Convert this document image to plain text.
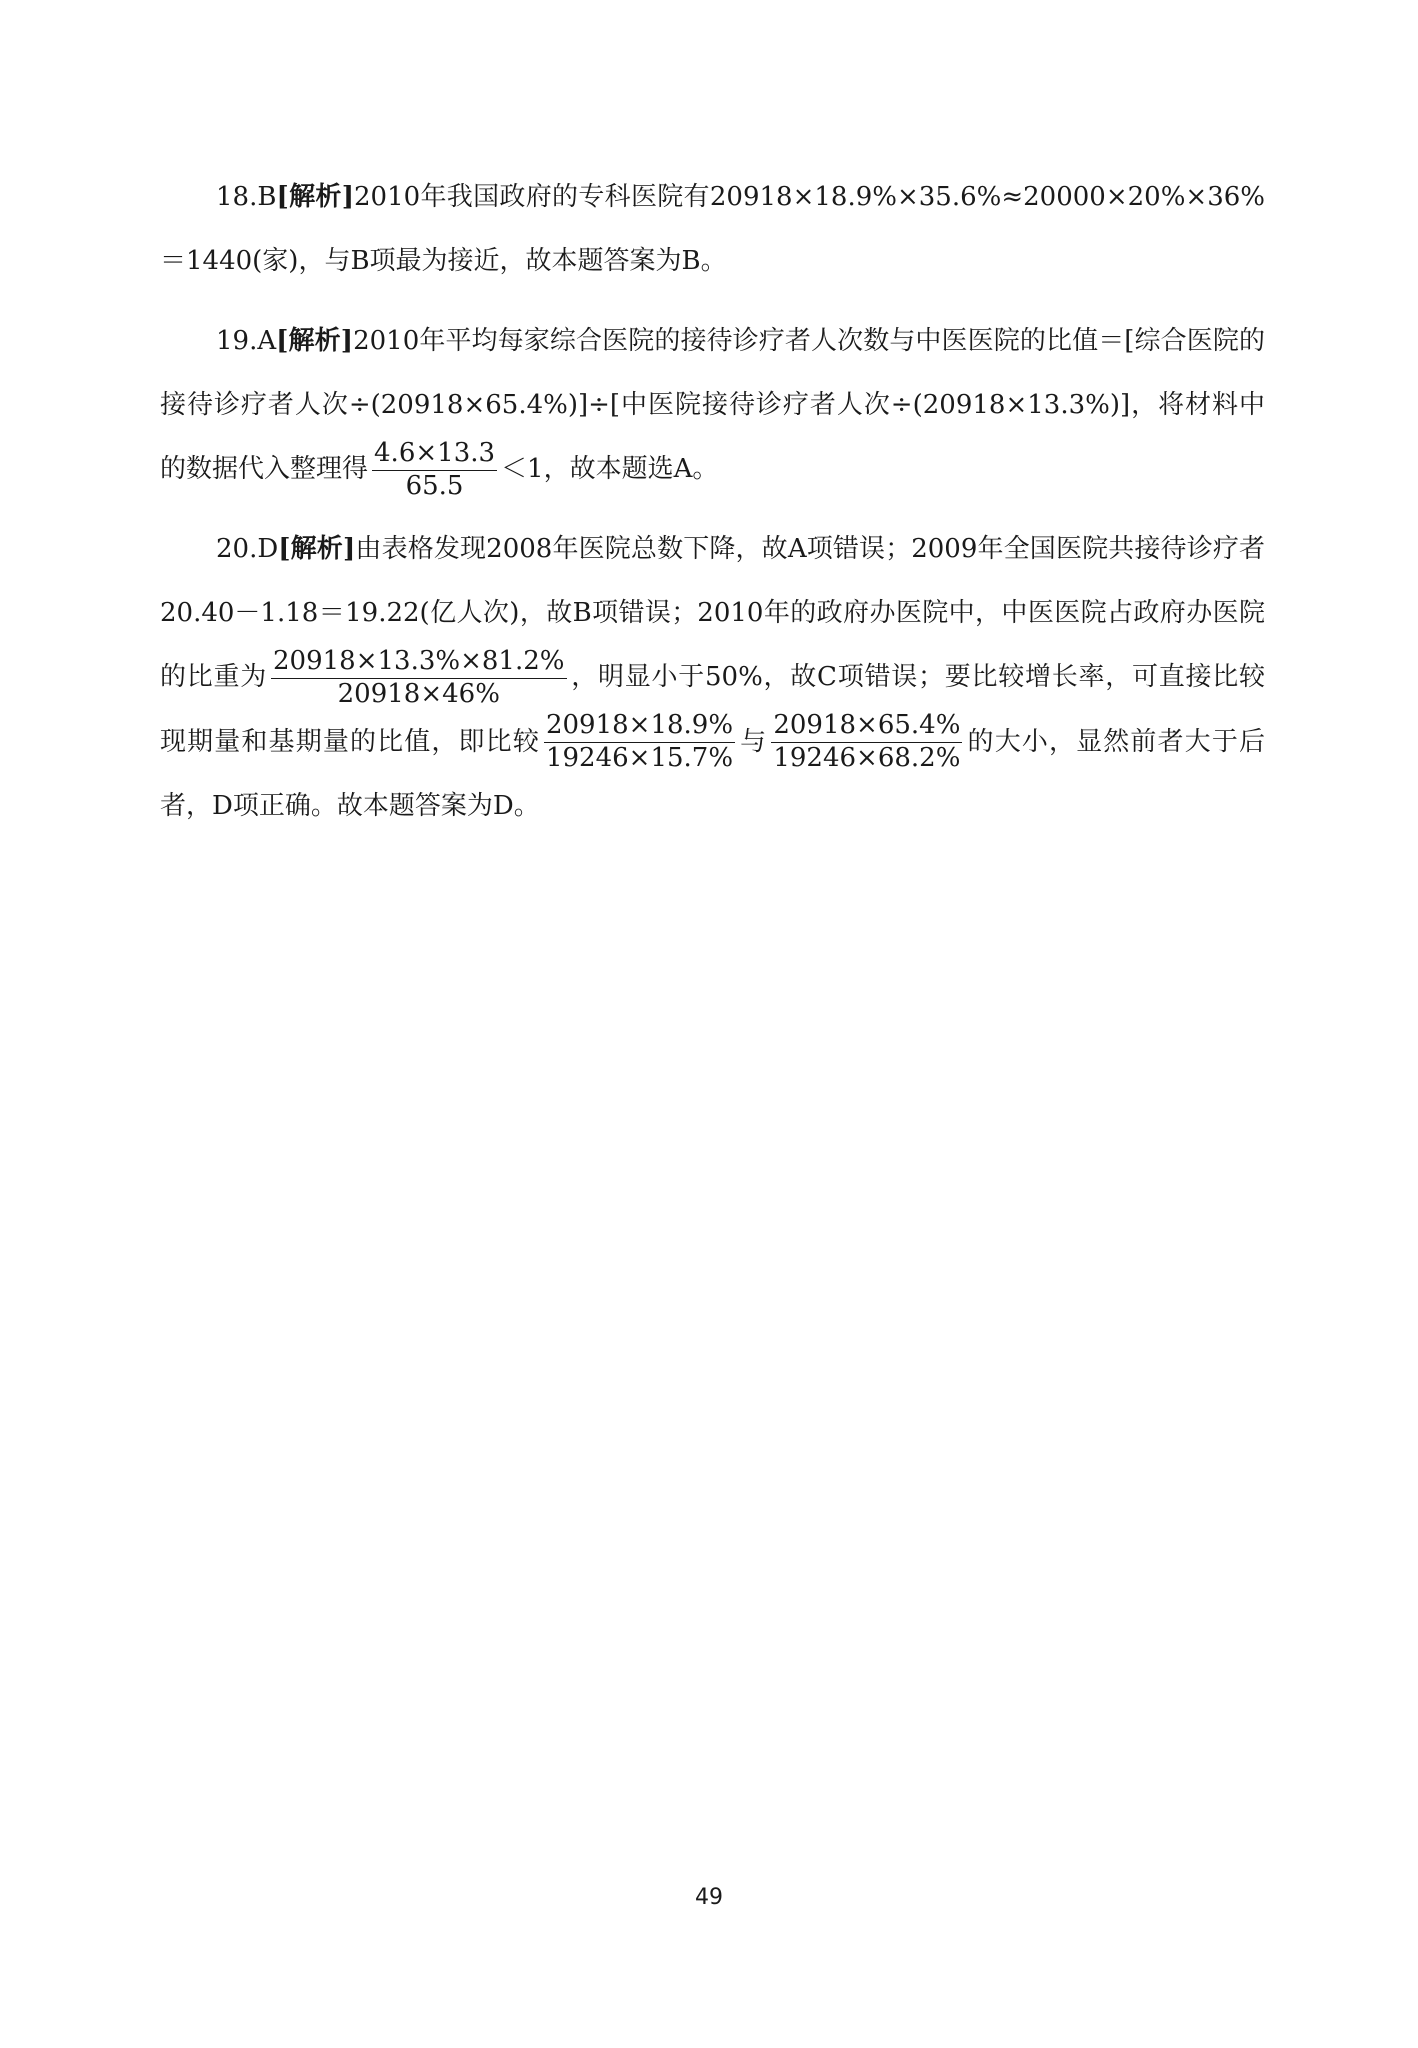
18.B[解析]2010年我国政府的专科医院有20918×18.9%×35.6%≈20000×20%×36%＝1440(家)，与B项最为接近，故本题答案为B。

19.A[解析]2010年平均每家综合医院的接待诊疗者人次数与中医医院的比值＝[综合医院的接待诊疗者人次÷(20918×65.4%)]÷[中医院接待诊疗者人次÷(20918×13.3%)]，将材料中的数据代入整理得 $\frac{4.6\times 13.3}{65.5} <1$，故本题选A。

20.D[解析]由表格发现2008年医院总数下降，故A项错误；2009年全国医院共接待诊疗者20.40－1.18＝19.22(亿人次)，故B项错误；2010年的政府办医院中，中医医院占政府办医院的比重为 $\frac{20918\times 13.3\%\times 81.2\%}{20918\times 46\%}$ ，明显小于50%，故C项错误；要比较增长率，可直接比较现期量和基期量的比值，即比较 $\frac{20918\times 18.9\%}{19246\times 15.7\%}$ 与 $\frac{20918\times 65.4\%}{19246\times 68.2\%}$ 的大小，显然前者大于后者，D项正确。故本题答案为D。

49
